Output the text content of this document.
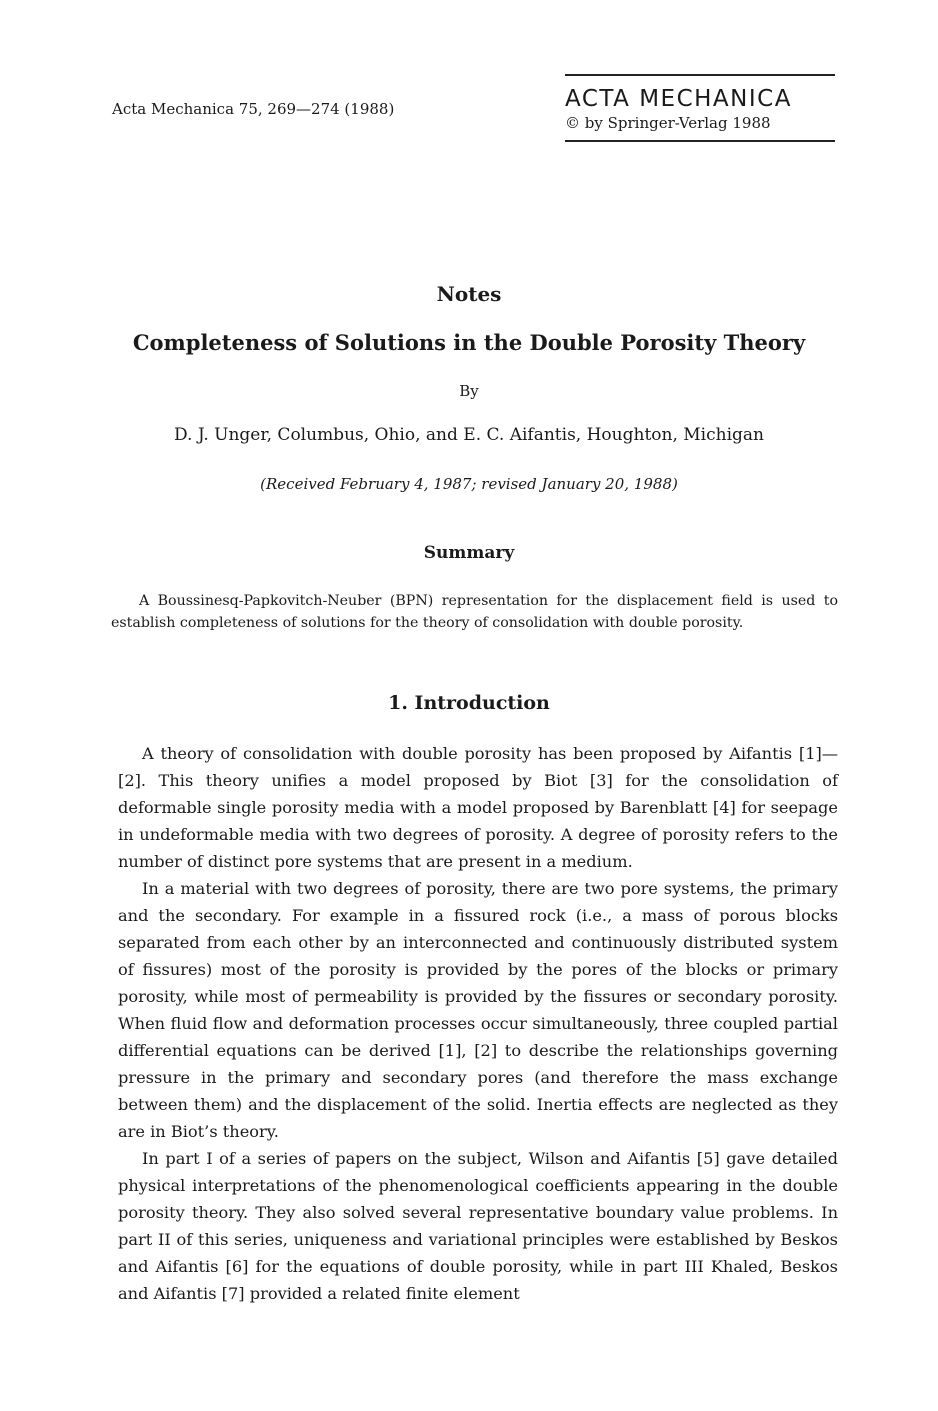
Acta Mechanica 75, 269—274 (1988)	ACTA MECHANICA
© by Springer-Verlag 1988
Notes
Completeness of Solutions in the Double Porosity Theory
By
D. J. Unger, Columbus, Ohio, and E. C. Aifantis, Houghton, Michigan
(Received February 4, 1987; revised January 20, 1988)
Summary
A Boussinesq-Papkovitch-Neuber (BPN) representation for the displacement field is used to establish completeness of solutions for the theory of consolidation with double porosity.
1. Introduction

A theory of consolidation with double porosity has been proposed by Aifantis [1]—[2]. This theory unifies a model proposed by Biot [3] for the consolidation of deformable single porosity media with a model proposed by Barenblatt [4] for seepage in undeformable media with two degrees of porosity. A degree of porosity refers to the number of distinct pore systems that are present in a medium.

In a material with two degrees of porosity, there are two pore systems, the primary and the secondary. For example in a fissured rock (i.e., a mass of porous blocks separated from each other by an interconnected and continuously distributed system of fissures) most of the porosity is provided by the pores of the blocks or primary porosity, while most of permeability is provided by the fissures or secondary porosity. When fluid flow and deformation processes occur simultaneously, three coupled partial differential equations can be derived [1], [2] to describe the relationships governing pressure in the primary and secondary pores (and therefore the mass exchange between them) and the displacement of the solid. Inertia effects are neglected as they are in Biot’s theory.

In part I of a series of papers on the subject, Wilson and Aifantis [5] gave detailed physical interpretations of the phenomenological coefficients appearing in the double porosity theory. They also solved several representative boundary value problems. In part II of this series, uniqueness and variational principles were established by Beskos and Aifantis [6] for the equations of double porosity, while in part III Khaled, Beskos and Aifantis [7] provided a related finite element
